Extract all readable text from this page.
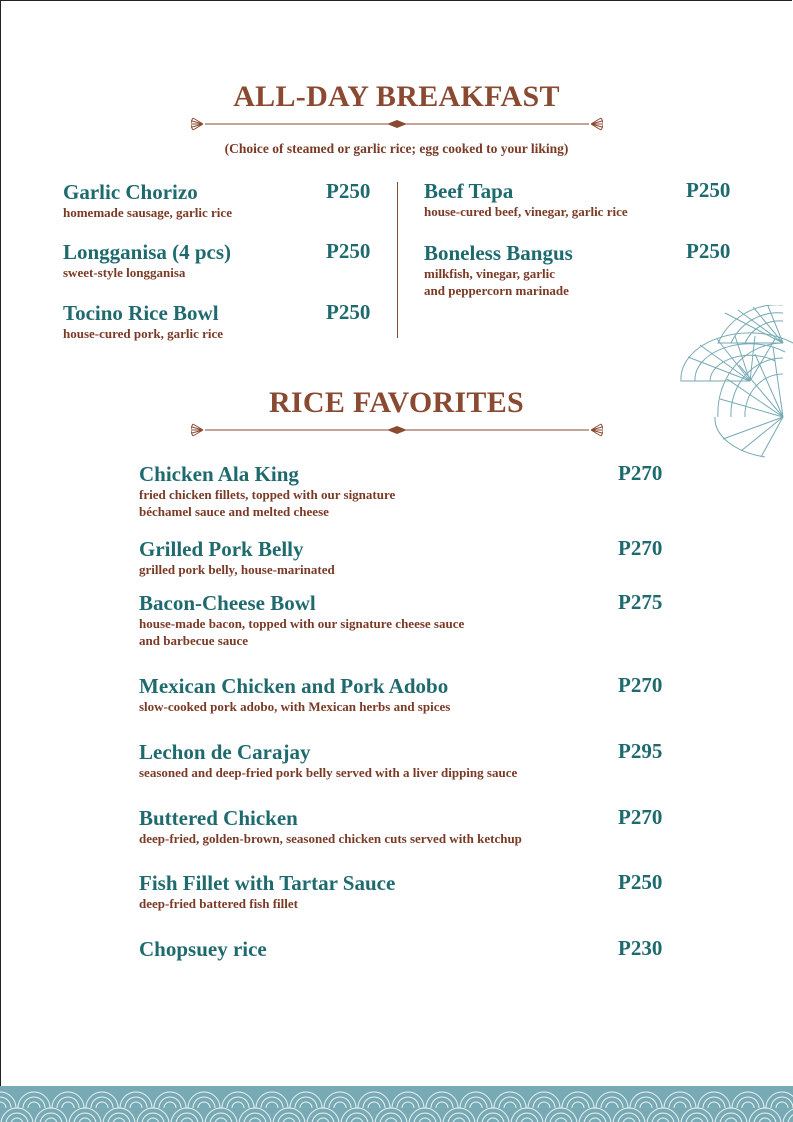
ALL-DAY BREAKFAST
(Choice of steamed or garlic rice; egg cooked to your liking)
Garlic Chorizo
homemade sausage, garlic rice
P250
Longganisa (4 pcs)
sweet-style longganisa
P250
Tocino Rice Bowl
house-cured pork, garlic rice
P250
Beef Tapa
house-cured beef, vinegar, garlic rice
P250
Boneless Bangus
milkfish, vinegar, garlic
and peppercorn marinade
P250
RICE FAVORITES
Chicken Ala King
fried chicken fillets, topped with our signature
béchamel sauce and melted cheese
P270
Grilled Pork Belly
grilled pork belly, house-marinated
P270
Bacon-Cheese Bowl
house-made bacon, topped with our signature cheese sauce
and barbecue sauce
P275
Mexican Chicken and Pork Adobo
slow-cooked pork adobo, with Mexican herbs and spices
P270
Lechon de Carajay
seasoned and deep-fried pork belly served with a liver dipping sauce
P295
Buttered Chicken
deep-fried, golden-brown, seasoned chicken cuts served with ketchup
P270
Fish Fillet with Tartar Sauce
deep-fried battered fish fillet
P250
Chopsuey rice	P230
